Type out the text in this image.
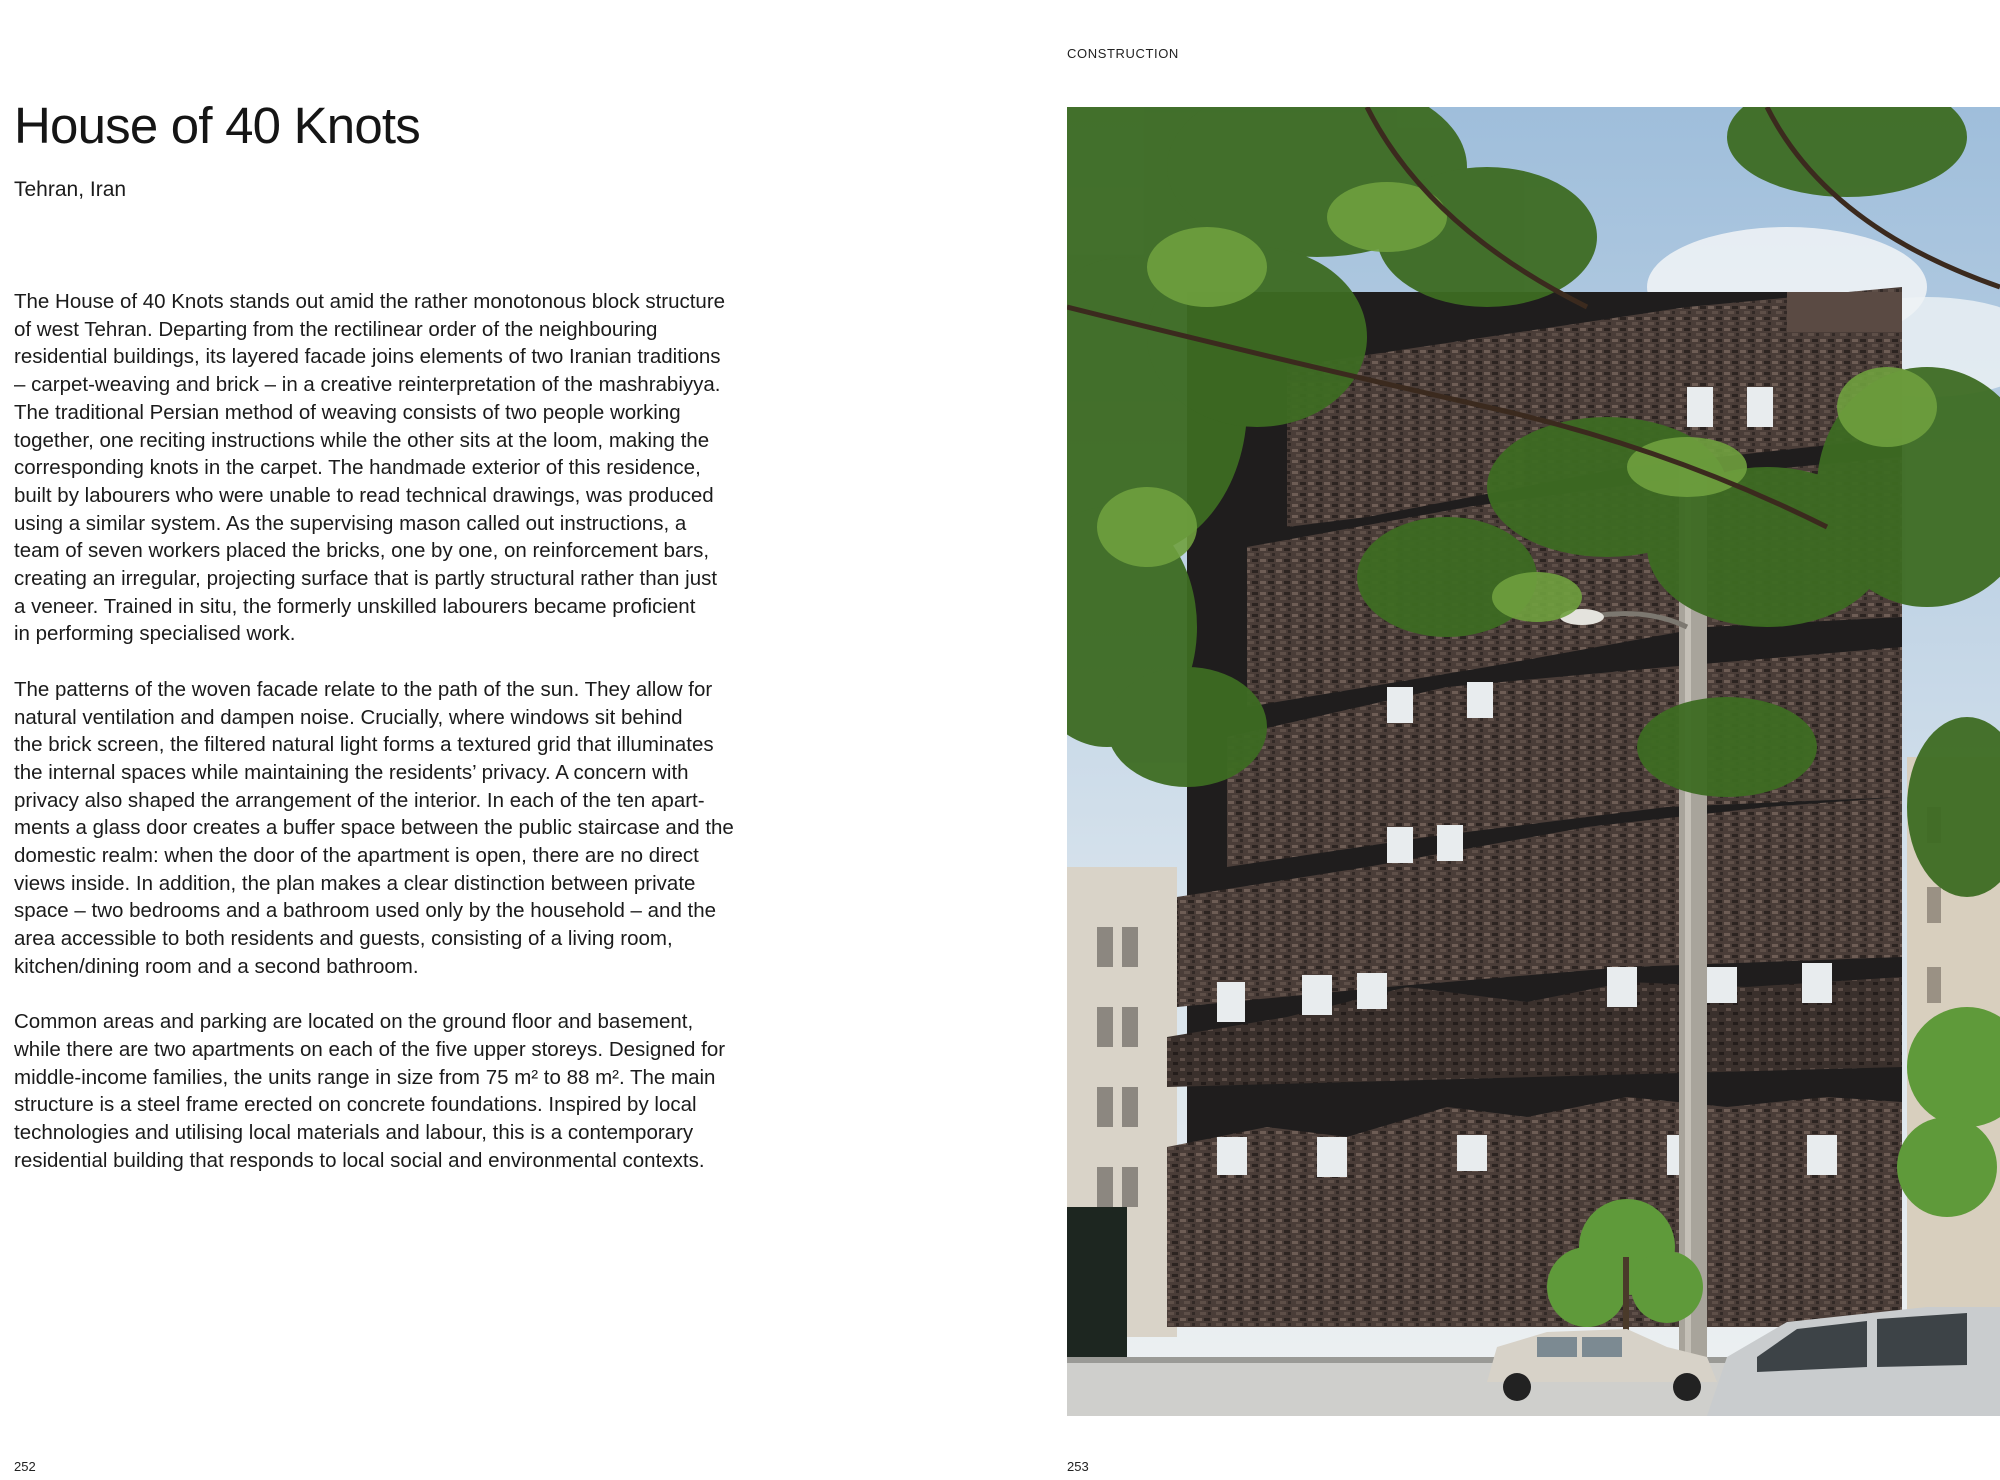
House of 40 Knots
Tehran, Iran

The House of 40 Knots stands out amid the rather monotonous block structure
of west Tehran. Departing from the rectilinear order of the neighbouring
residential buildings, its layered facade joins elements of two Iranian traditions
– carpet-weaving and brick – in a creative reinterpretation of the mashrabiyya.
The traditional Persian method of weaving consists of two people working
together, one reciting instructions while the other sits at the loom, making the
corresponding knots in the carpet. The handmade exterior of this residence,
built by labourers who were unable to read technical drawings, was produced
using a similar system. As the supervising mason called out instructions, a
team of seven workers placed the bricks, one by one, on reinforcement bars,
creating an irregular, projecting surface that is partly structural rather than just
a veneer. Trained in situ, the formerly unskilled labourers became proficient
in performing specialised work.

The patterns of the woven facade relate to the path of the sun. They allow for
natural ventilation and dampen noise. Crucially, where windows sit behind
the brick screen, the filtered natural light forms a textured grid that illuminates
the internal spaces while maintaining the residents’ privacy. A concern with
privacy also shaped the arrangement of the interior. In each of the ten apart-
ments a glass door creates a buffer space between the public staircase and the
domestic realm: when the door of the apartment is open, there are no direct
views inside. In addition, the plan makes a clear distinction between private
space – two bedrooms and a bathroom used only by the household – and the
area accessible to both residents and guests, consisting of a living room,
kitchen/dining room and a second bathroom.

Common areas and parking are located on the ground floor and basement,
while there are two apartments on each of the five upper storeys. Designed for
middle-income families, the units range in size from 75 m² to 88 m². The main
structure is a steel frame erected on concrete foundations. Inspired by local
technologies and utilising local materials and labour, this is a contemporary
residential building that responds to local social and environmental contexts.

252
CONSTRUCTION
253
